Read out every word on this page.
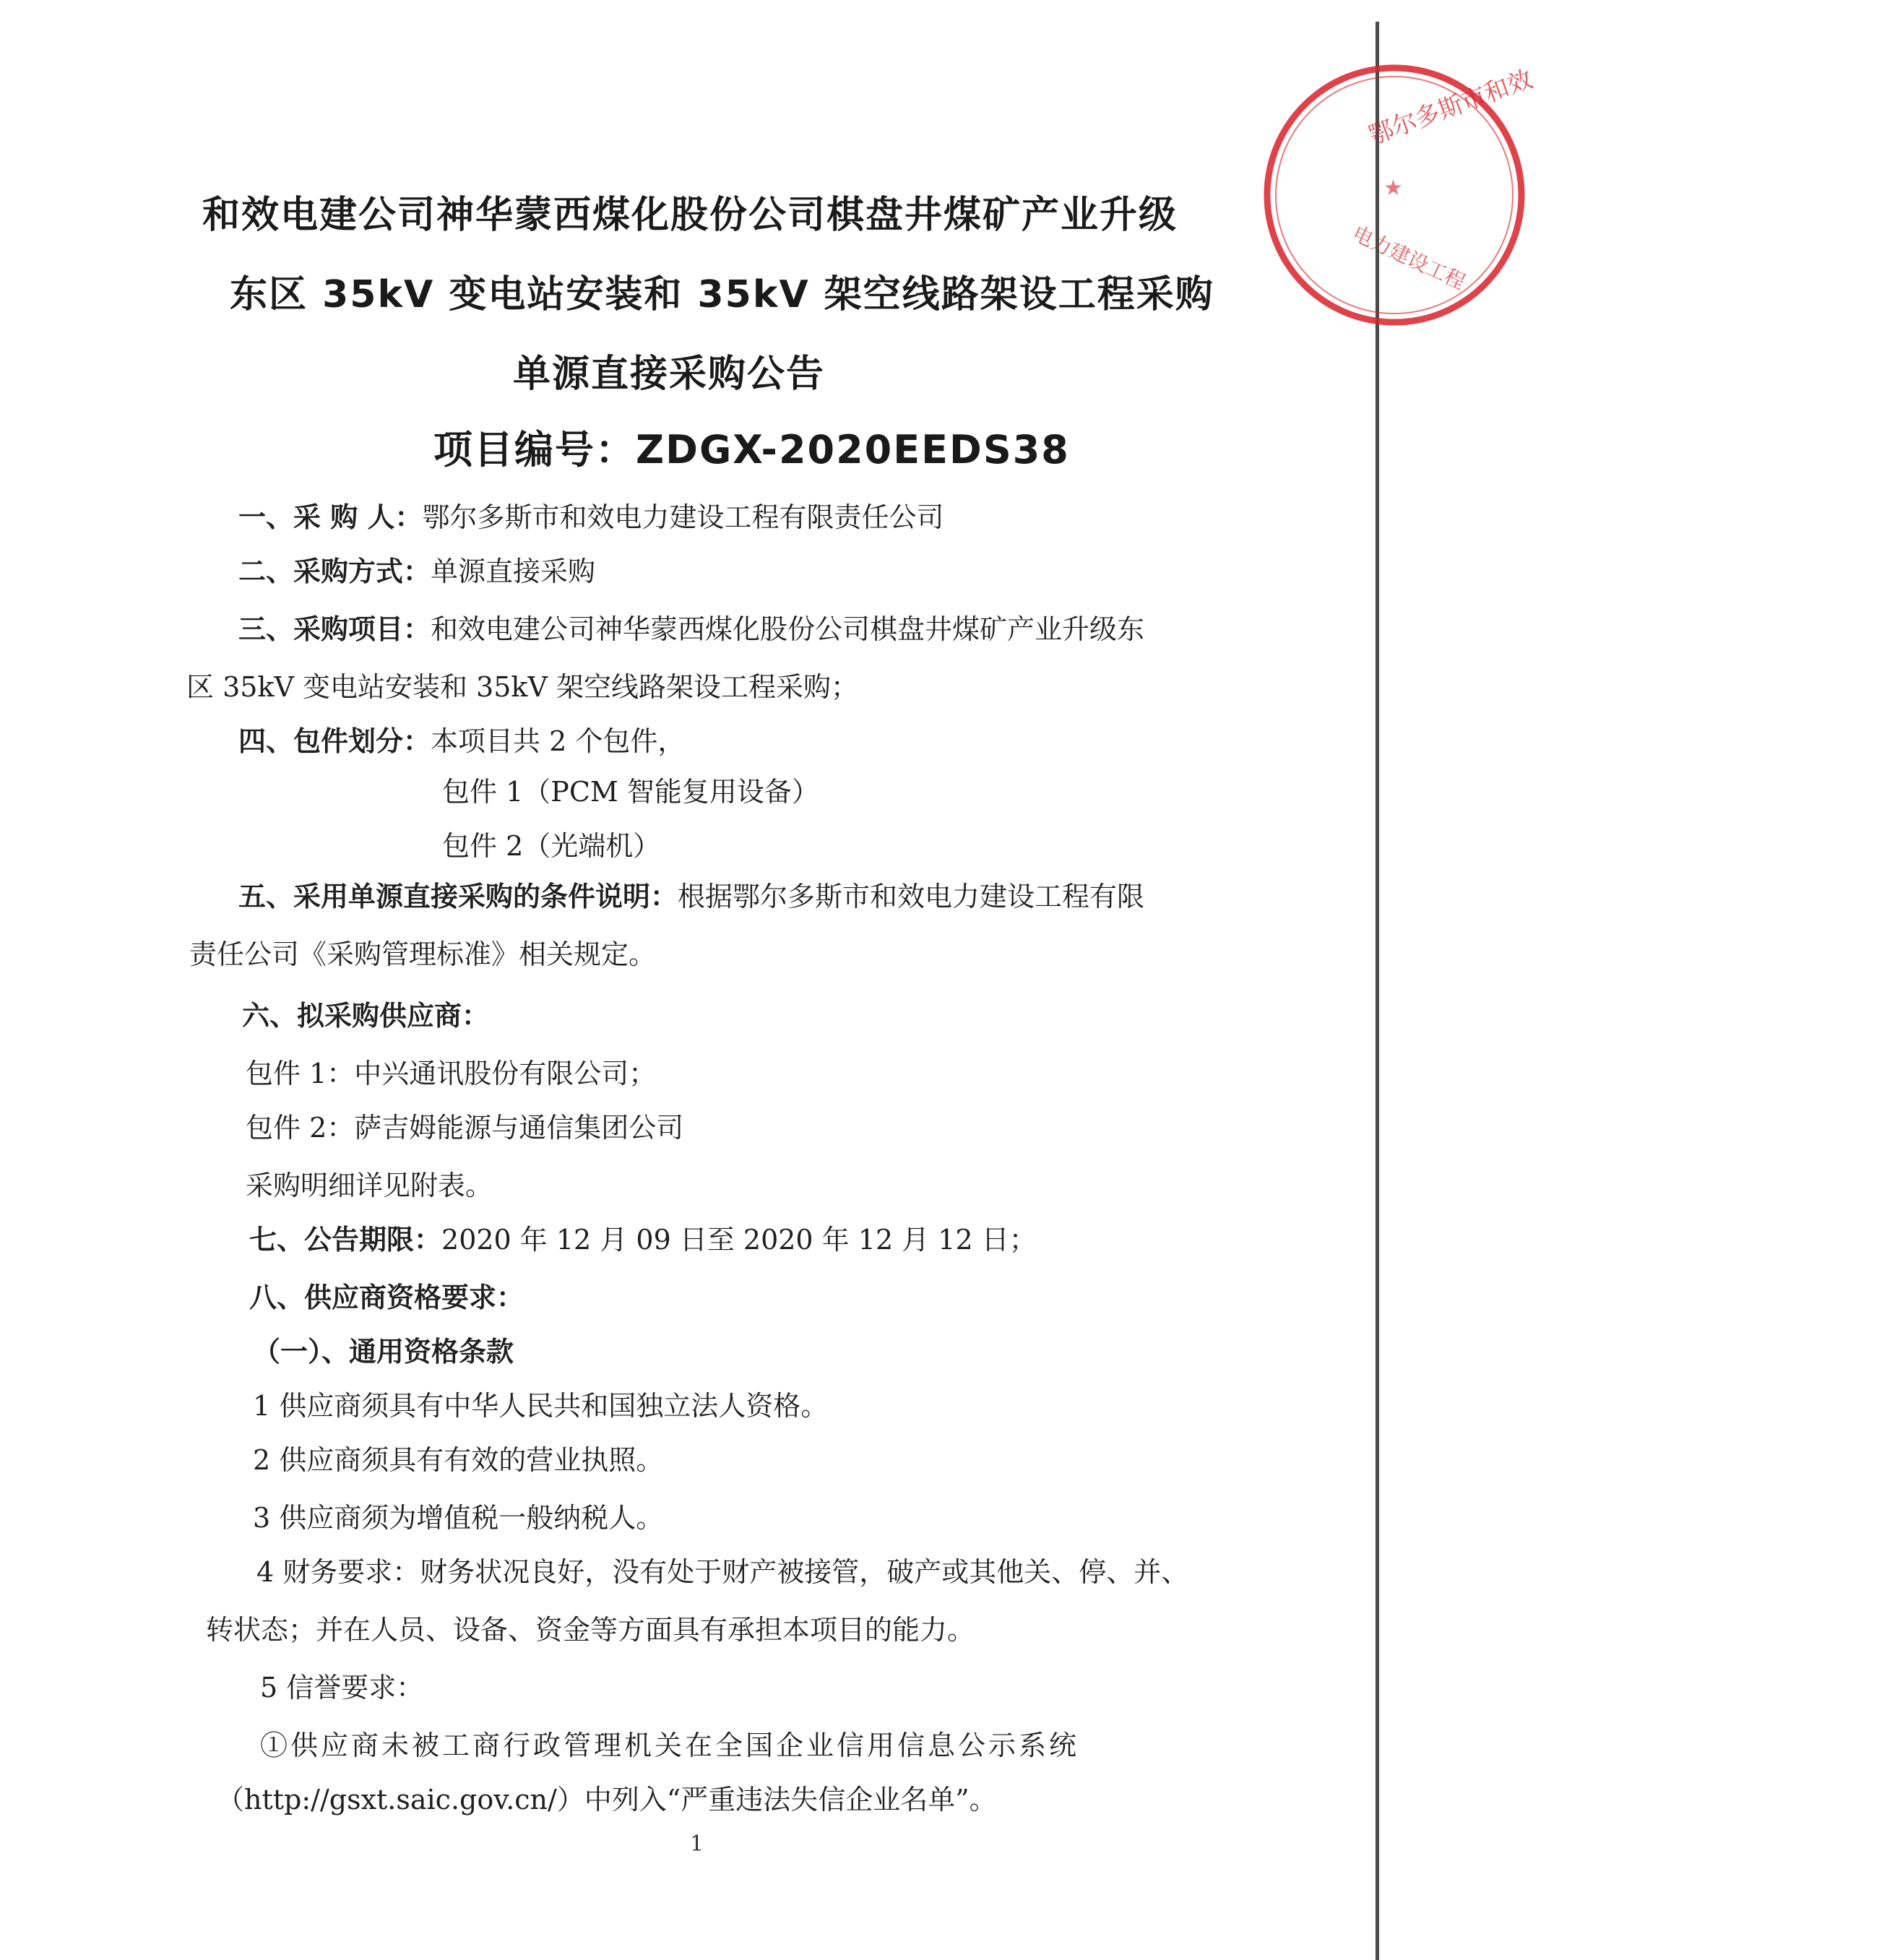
鄂尔多斯市和效
★
电力建设工程
和效电建公司神华蒙西煤化股份公司棋盘井煤矿产业升级
东区 35kV 变电站安装和 35kV 架空线路架设工程采购
单源直接采购公告
项目编号：ZDGX-2020EEDS38
一、采 购 人：鄂尔多斯市和效电力建设工程有限责任公司
二、采购方式：单源直接采购
三、采购项目：和效电建公司神华蒙西煤化股份公司棋盘井煤矿产业升级东
区 35kV 变电站安装和 35kV 架空线路架设工程采购；
四、包件划分：本项目共 2 个包件，
包件 1（PCM 智能复用设备）
包件 2（光端机）
五、采用单源直接采购的条件说明：根据鄂尔多斯市和效电力建设工程有限
责任公司《采购管理标准》相关规定。
六、拟采购供应商：
包件 1：中兴通讯股份有限公司；
包件 2：萨吉姆能源与通信集团公司
采购明细详见附表。
七、公告期限：2020 年 12 月 09 日至 2020 年 12 月 12 日；
八、供应商资格要求：
（一）、通用资格条款
1 供应商须具有中华人民共和国独立法人资格。
2 供应商须具有有效的营业执照。
3 供应商须为增值税一般纳税人。
4 财务要求：财务状况良好，没有处于财产被接管，破产或其他关、停、并、
转状态；并在人员、设备、资金等方面具有承担本项目的能力。
5 信誉要求：
①供应商未被工商行政管理机关在全国企业信用信息公示系统
（http://gsxt.saic.gov.cn/）中列入“严重违法失信企业名单”。
1
